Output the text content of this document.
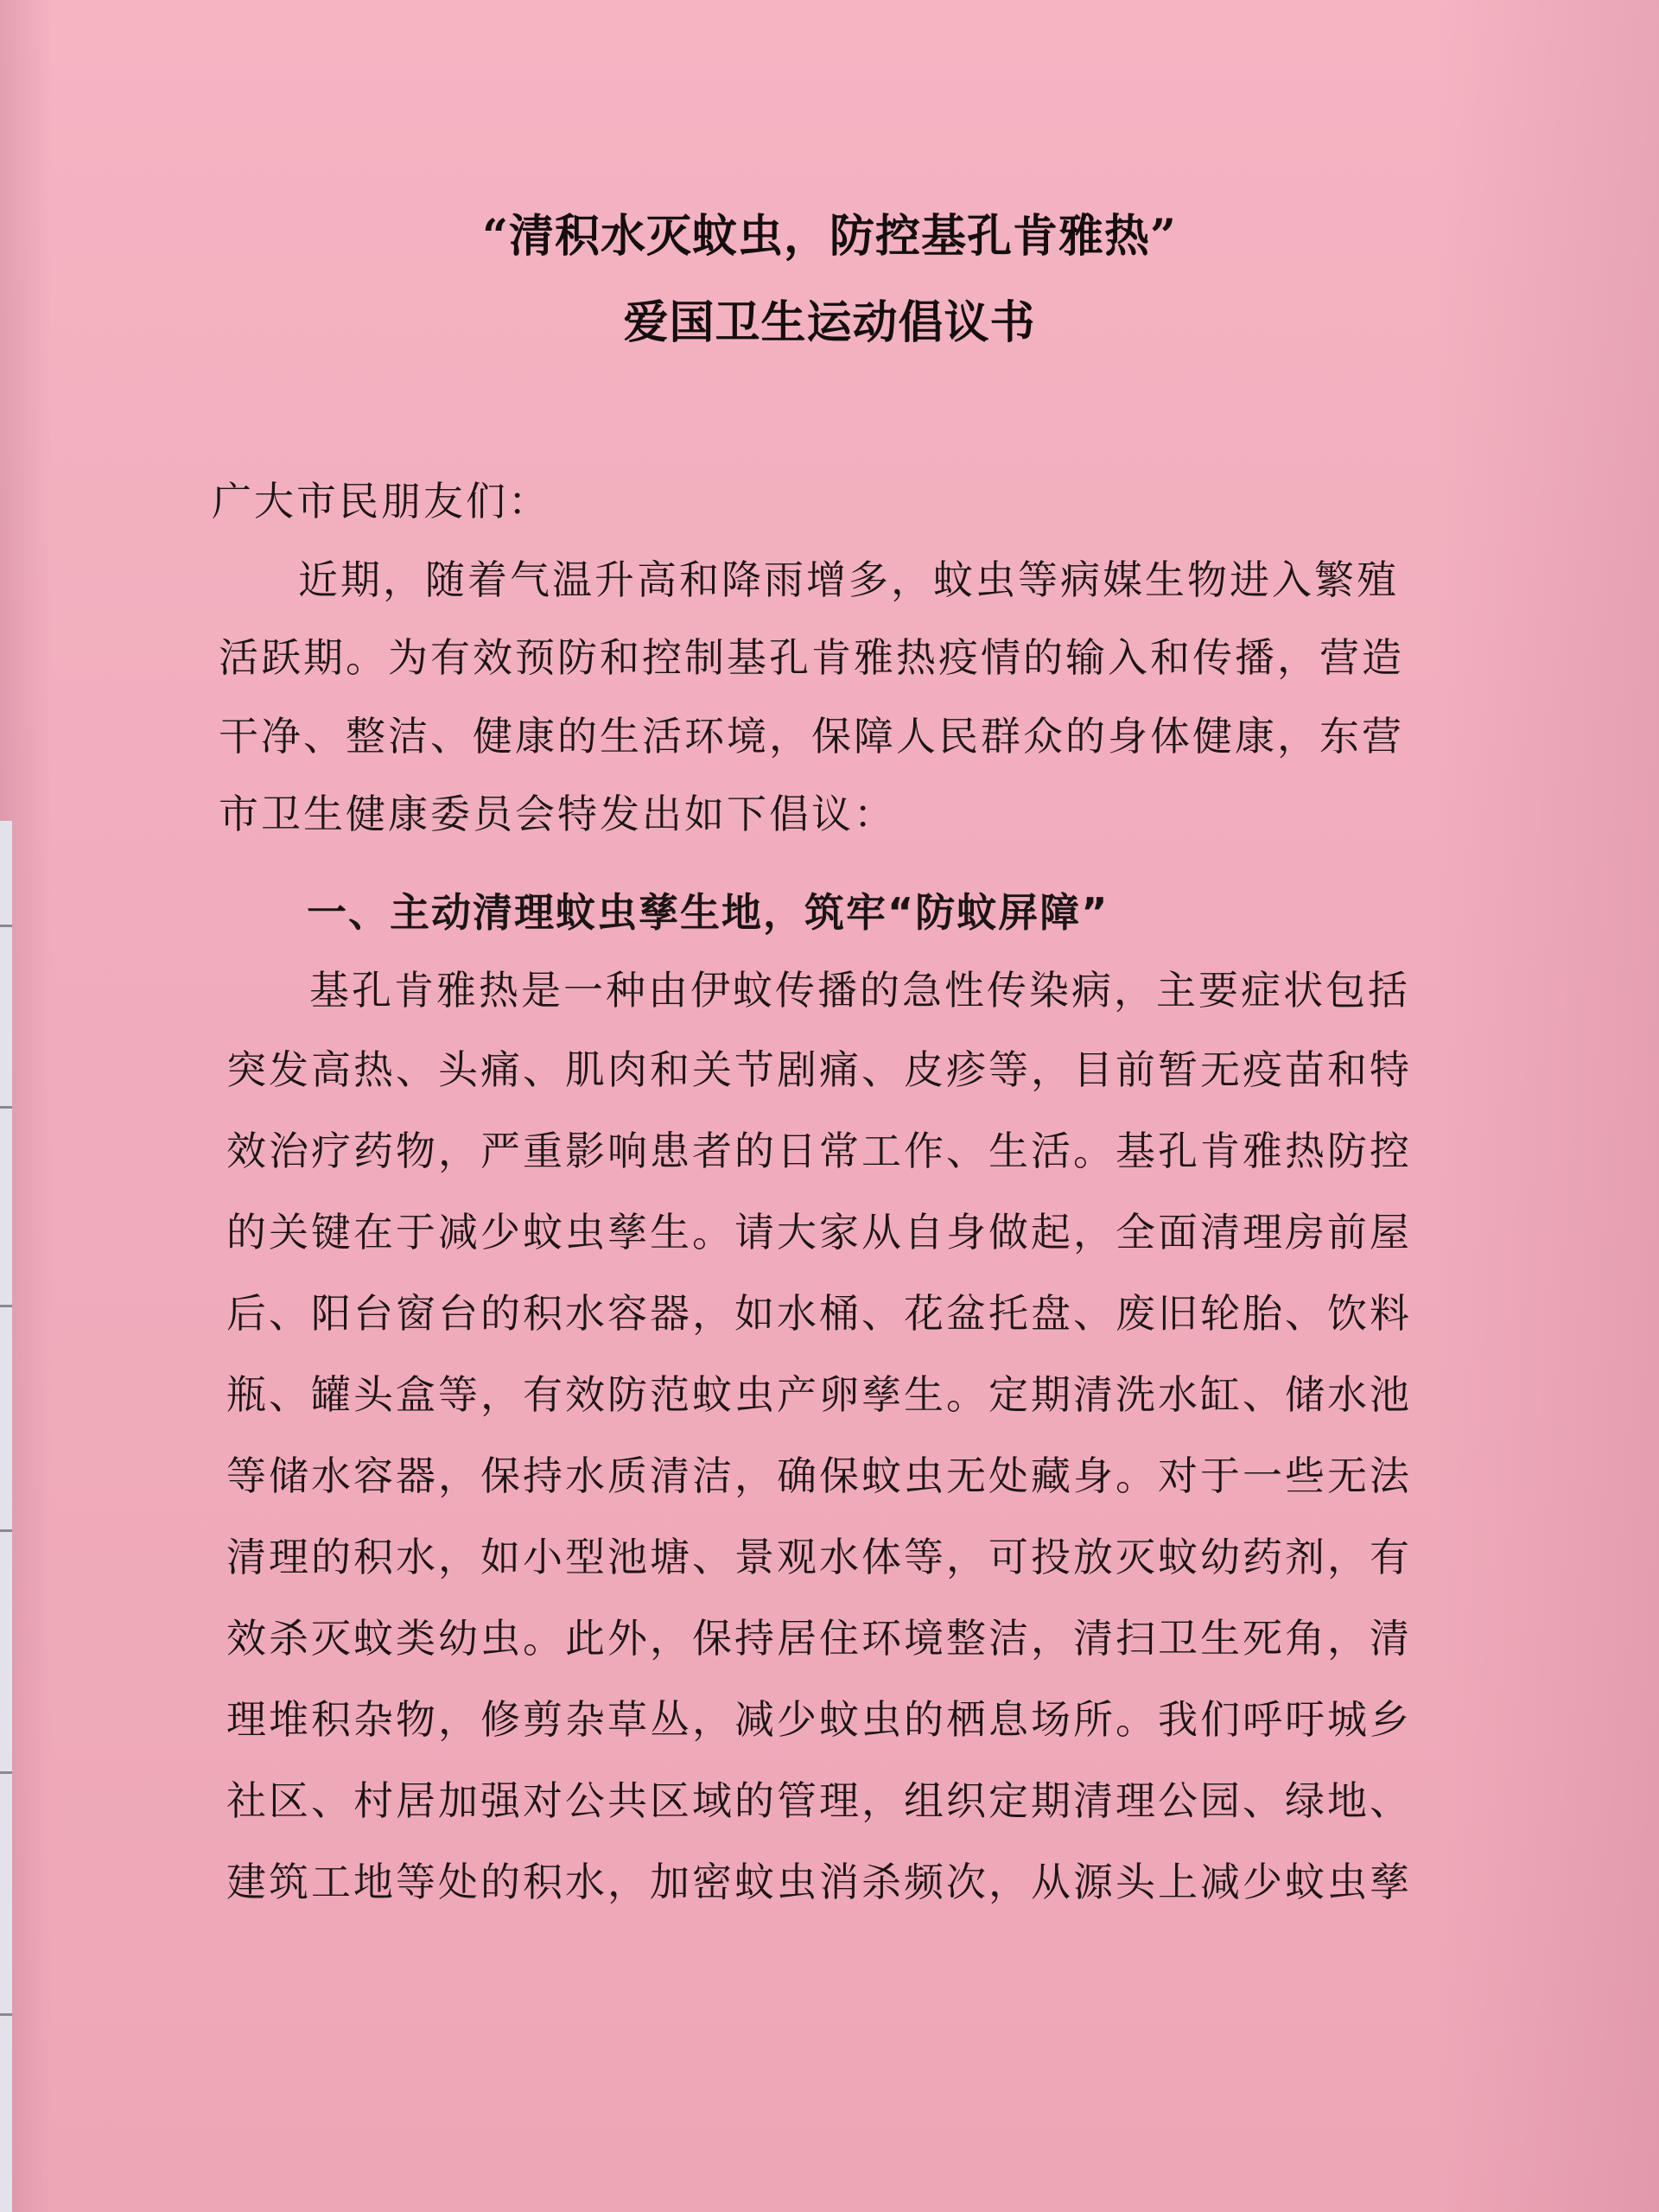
“清积水灭蚊虫，防控基孔肯雅热”
爱国卫生运动倡议书
广大市民朋友们：
近期，随着气温升高和降雨增多，蚊虫等病媒生物进入繁殖
活跃期。为有效预防和控制基孔肯雅热疫情的输入和传播，营造
干净、整洁、健康的生活环境，保障人民群众的身体健康，东营
市卫生健康委员会特发出如下倡议：
一、主动清理蚊虫孳生地，筑牢“防蚊屏障”
基孔肯雅热是一种由伊蚊传播的急性传染病，主要症状包括
突发高热、头痛、肌肉和关节剧痛、皮疹等，目前暂无疫苗和特
效治疗药物，严重影响患者的日常工作、生活。基孔肯雅热防控
的关键在于减少蚊虫孳生。请大家从自身做起，全面清理房前屋
后、阳台窗台的积水容器，如水桶、花盆托盘、废旧轮胎、饮料
瓶、罐头盒等，有效防范蚊虫产卵孳生。定期清洗水缸、储水池
等储水容器，保持水质清洁，确保蚊虫无处藏身。对于一些无法
清理的积水，如小型池塘、景观水体等，可投放灭蚊幼药剂，有
效杀灭蚊类幼虫。此外，保持居住环境整洁，清扫卫生死角，清
理堆积杂物，修剪杂草丛，减少蚊虫的栖息场所。我们呼吁城乡
社区、村居加强对公共区域的管理，组织定期清理公园、绿地、
建筑工地等处的积水，加密蚊虫消杀频次，从源头上减少蚊虫孳
